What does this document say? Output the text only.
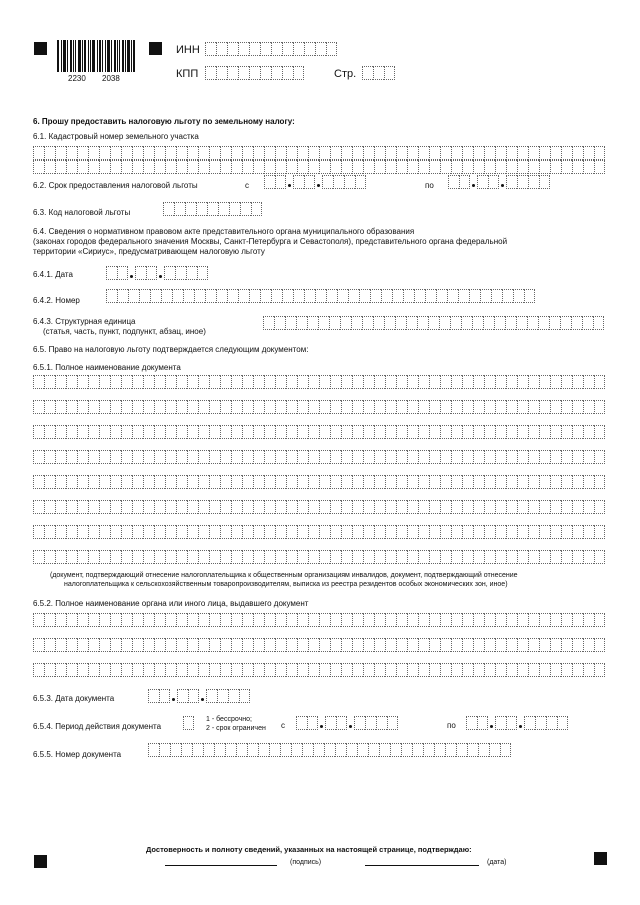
2230 2038
ИНН
КПП	Стр.
6. Прошу предоставить налоговую льготу по земельному налогу:
6.1. Кадастровый номер земельного участка
6.2. Срок предоставления налоговой льготы	с	по
6.3. Код налоговой льготы
6.4. Сведения о нормативном правовом акте представительного органа муниципального образования
(законах городов федерального значения Москвы, Санкт-Петербурга и Севастополя), представительного органа федеральной
территории «Сириус», предусматривающем налоговую льготу
6.4.1. Дата
6.4.2. Номер
6.4.3. Структурная единица
(статья, часть, пункт, подпункт, абзац, иное)
6.5. Право на налоговую льготу подтверждается следующим документом:
6.5.1. Полное наименование документа
(документ, подтверждающий отнесение налогоплательщика к общественным организациям инвалидов, документ, подтверждающий отнесение
налогоплательщика к сельскохозяйственным товаропроизводителям, выписка из реестра резидентов особых экономических зон, иное)
6.5.2. Полное наименование органа или иного лица, выдавшего документ
6.5.3. Дата документа
6.5.4. Период действия документа
1 - бессрочно;
2 - срок ограничен с	по
6.5.5. Номер документа
Достоверность и полноту сведений, указанных на настоящей странице, подтверждаю:
(подпись)	(дата)
